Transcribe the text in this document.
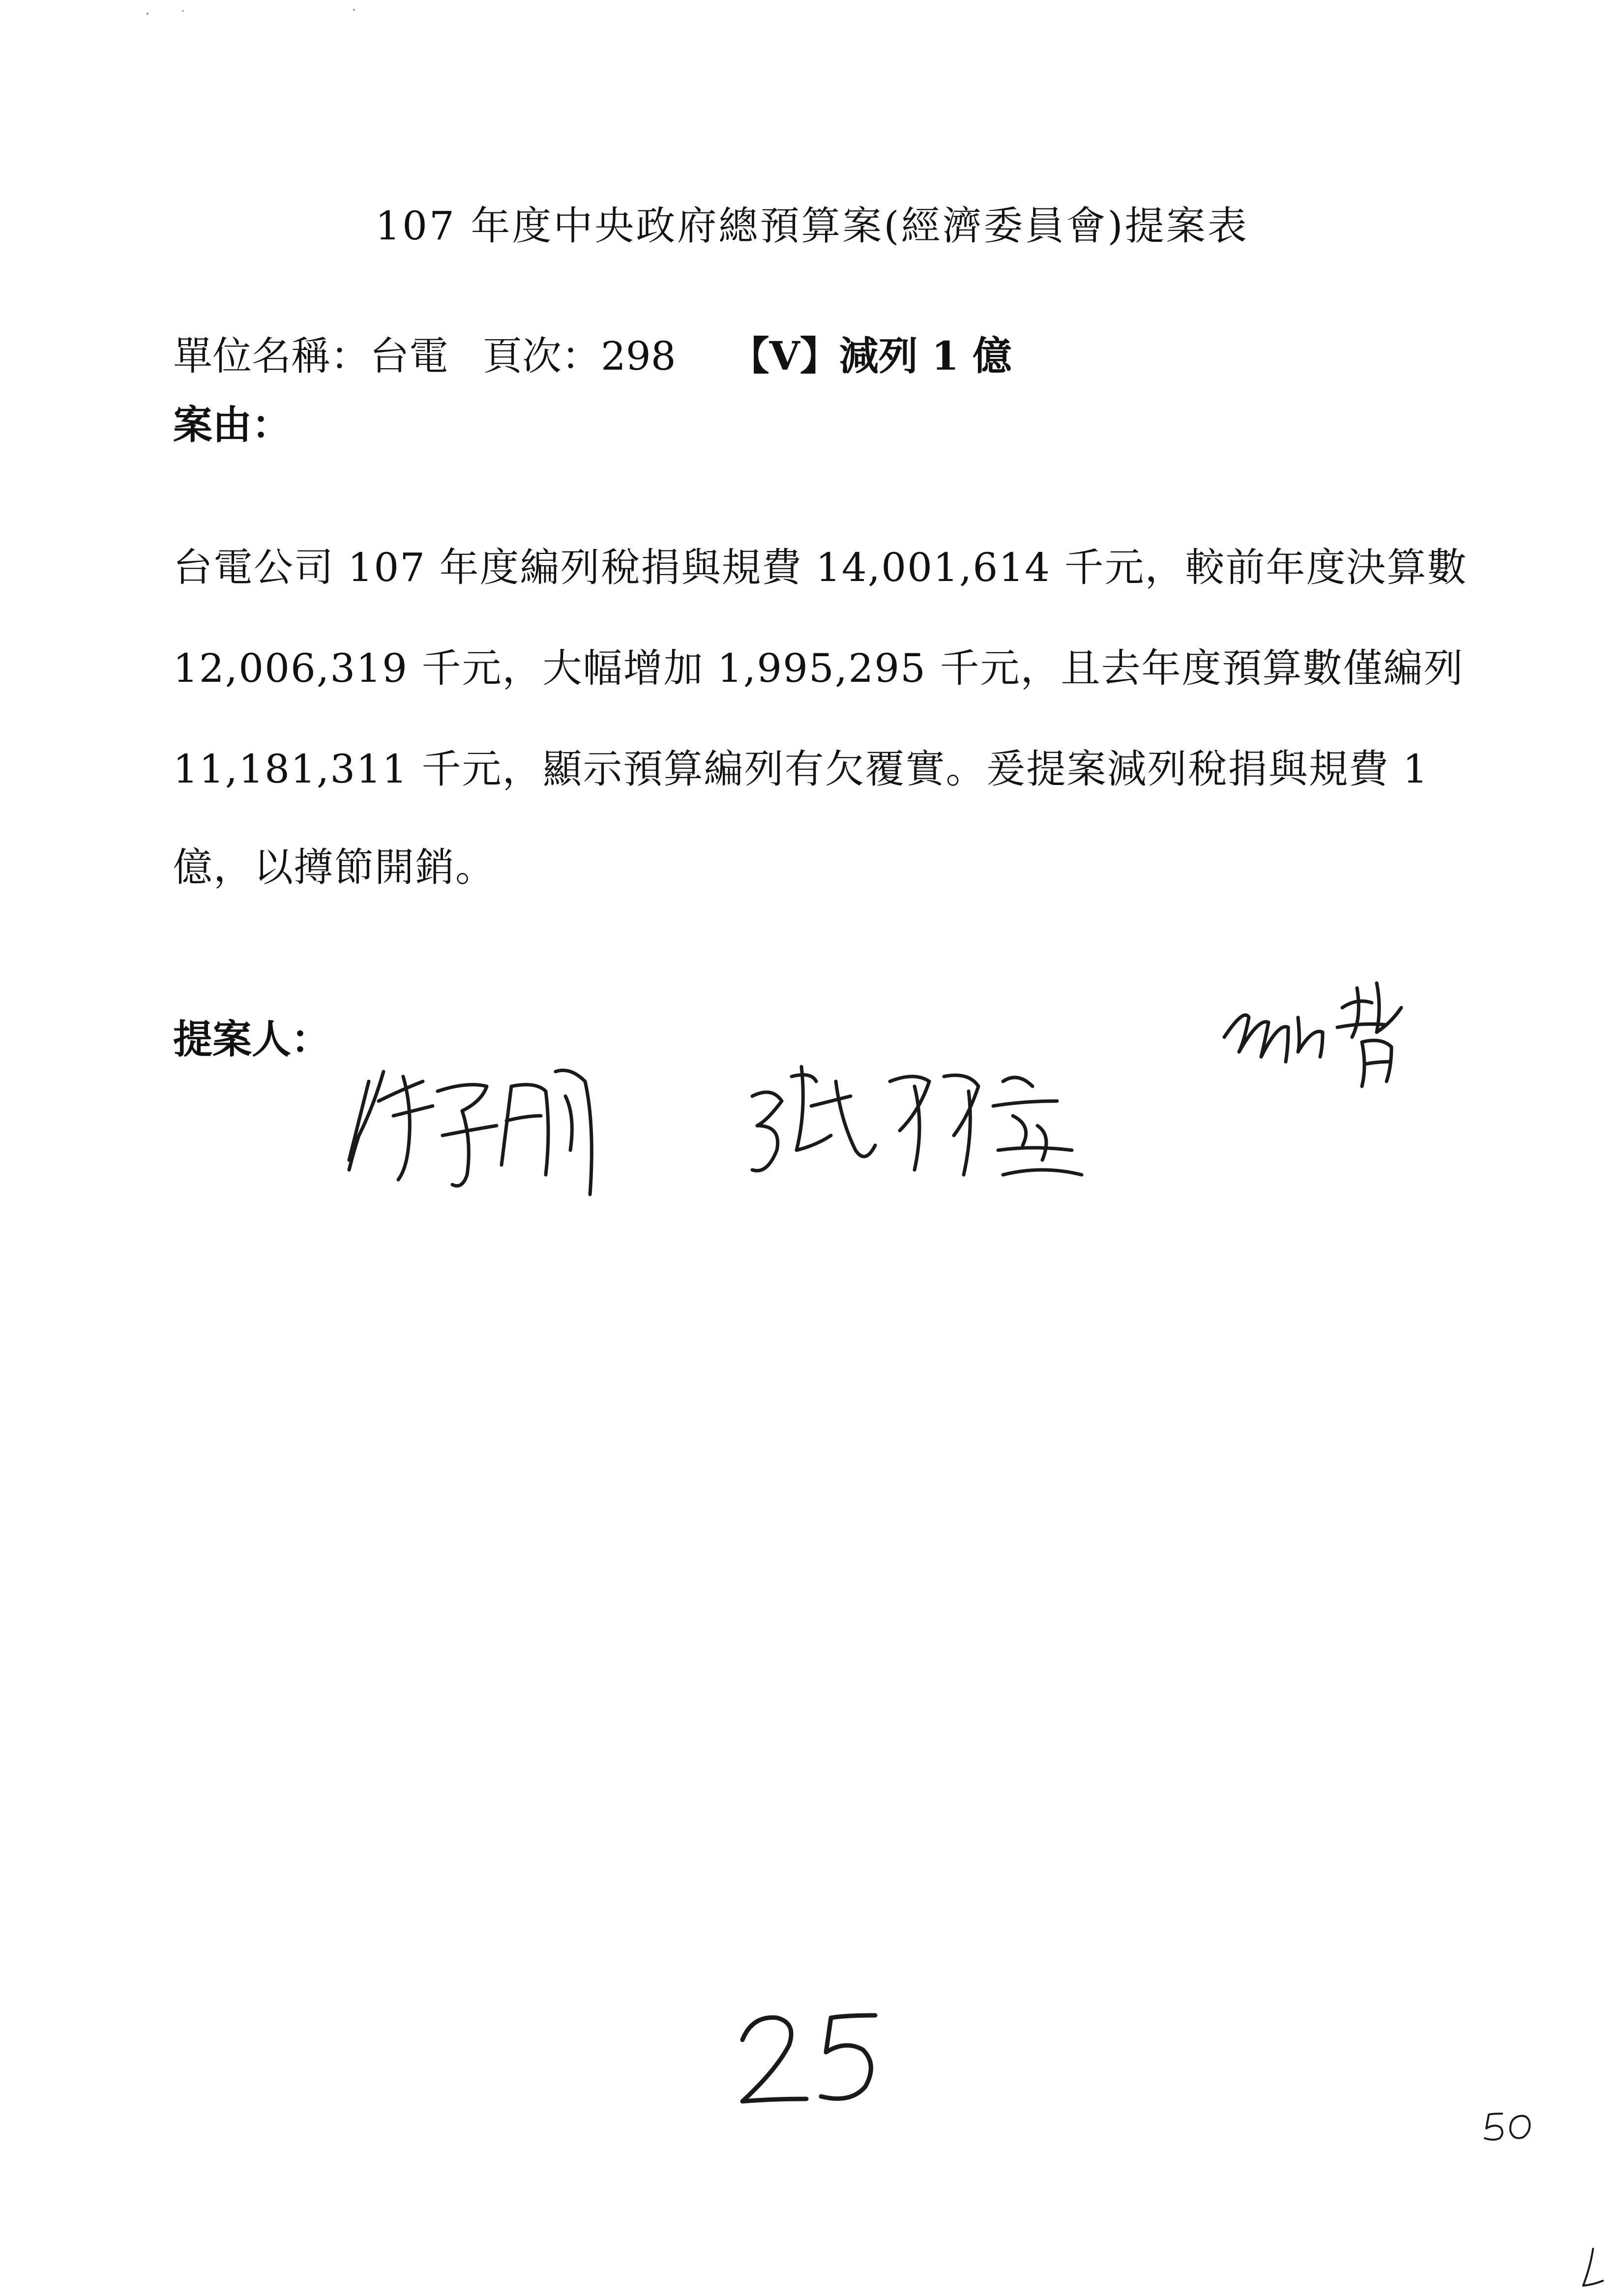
107 年度中央政府總預算案(經濟委員會)提案表
單位名稱：台電 頁次：298 【V】減列 1 億
案由：
台電公司 107 年度編列稅捐與規費 14,001,614 千元，較前年度決算數
12,006,319 千元，大幅增加 1,995,295 千元，且去年度預算數僅編列
11,181,311 千元，顯示預算編列有欠覆實。爰提案減列稅捐與規費 1
億，以撙節開銷。
提案人：
